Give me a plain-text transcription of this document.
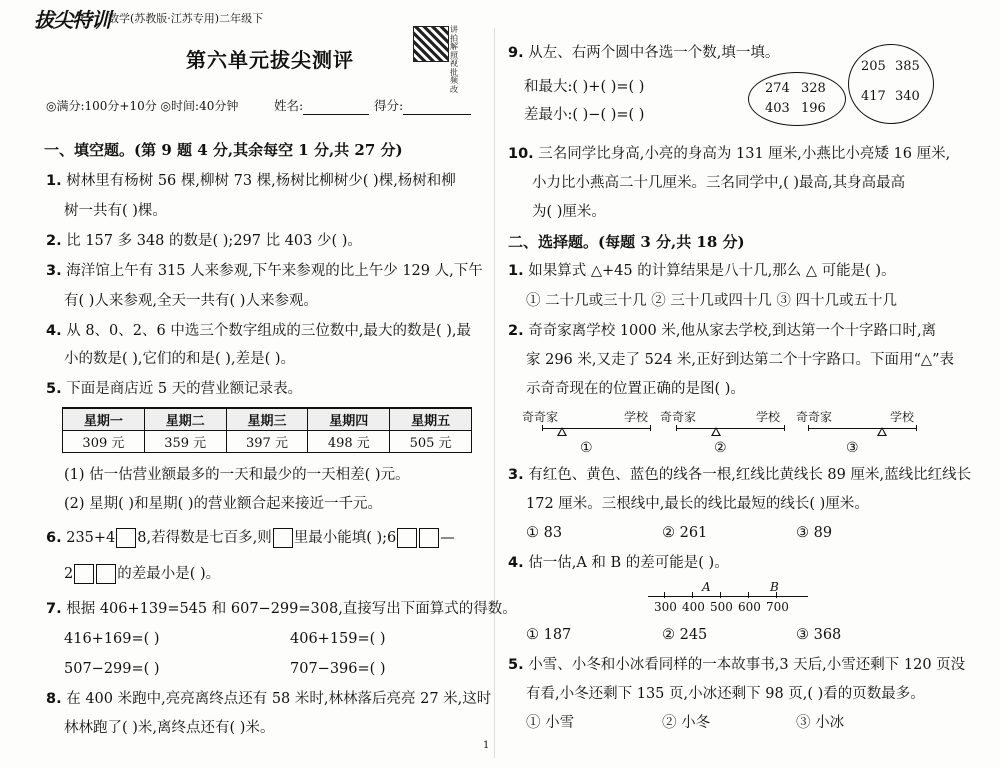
拔尖特训
数学(苏教版·江苏专用)二年级下
第六单元拔尖测评
讲拍解照视批频改
◎满分:100分+10分 ◎时间:40分钟	姓名:	得分:
一、填空题。(第 9 题 4 分,其余每空 1 分,共 27 分)
1. 树林里有杨树 56 棵,柳树 73 棵,杨树比柳树少( )棵,杨树和柳
树一共有( )棵。
2. 比 157 多 348 的数是( );297 比 403 少( )。
3. 海洋馆上午有 315 人来参观,下午来参观的比上午少 129 人,下午
有( )人来参观,全天一共有( )人来参观。
4. 从 8、0、2、6 中选三个数字组成的三位数中,最大的数是( ),最
小的数是( ),它们的和是( ),差是( )。
5. 下面是商店近 5 天的营业额记录表。
星期一	星期二	星期三	星期四	星期五
309 元	359 元	397 元	498 元	505 元
(1) 估一估营业额最多的一天和最少的一天相差( )元。
(2) 星期( )和星期( )的营业额合起来接近一千元。
6. 235+4 8,若得数是七百多,则 里最小能填( );6	—
2	的差最小是( )。
7. 根据 406+139=545 和 607−299=308,直接写出下面算式的得数。
416+169=( )	406+159=( )
507−299=( )	707−396=( )
8. 在 400 米跑中,亮亮离终点还有 58 米时,林林落后亮亮 27 米,这时
林林跑了( )米,离终点还有( )米。
9. 从左、右两个圆中各选一个数,填一填。
和最大:( )+( )=( )
差最小:( )−( )=( )
274 328
403 196
205 385
417 340
10. 三名同学比身高,小亮的身高为 131 厘米,小燕比小亮矮 16 厘米,
小力比小燕高二十几厘米。三名同学中,( )最高,其身高最高
为( )厘米。
二、选择题。(每题 3 分,共 18 分)
1. 如果算式 △+45 的计算结果是八十几,那么 △ 可能是( )。
① 二十几或三十几 ② 三十几或四十几 ③ 四十几或五十几
2. 奇奇家离学校 1000 米,他从家去学校,到达第一个十字路口时,离
家 296 米,又走了 524 米,正好到达第二个十字路口。下面用“△”表
示奇奇现在的位置正确的是图( )。
奇奇家	学校
①
奇奇家	学校
②
奇奇家	学校
③
3. 有红色、黄色、蓝色的线各一根,红线比黄线长 89 厘米,蓝线比红线长
172 厘米。三根线中,最长的线比最短的线长( )厘米。
① 83	② 261	③ 89
4. 估一估,A 和 B 的差可能是( )。
300 400 500 600 700
A	B
① 187	② 245	③ 368
5. 小雪、小冬和小冰看同样的一本故事书,3 天后,小雪还剩下 120 页没
有看,小冬还剩下 135 页,小冰还剩下 98 页,( )看的页数最多。
① 小雪	② 小冬	③ 小冰
1
